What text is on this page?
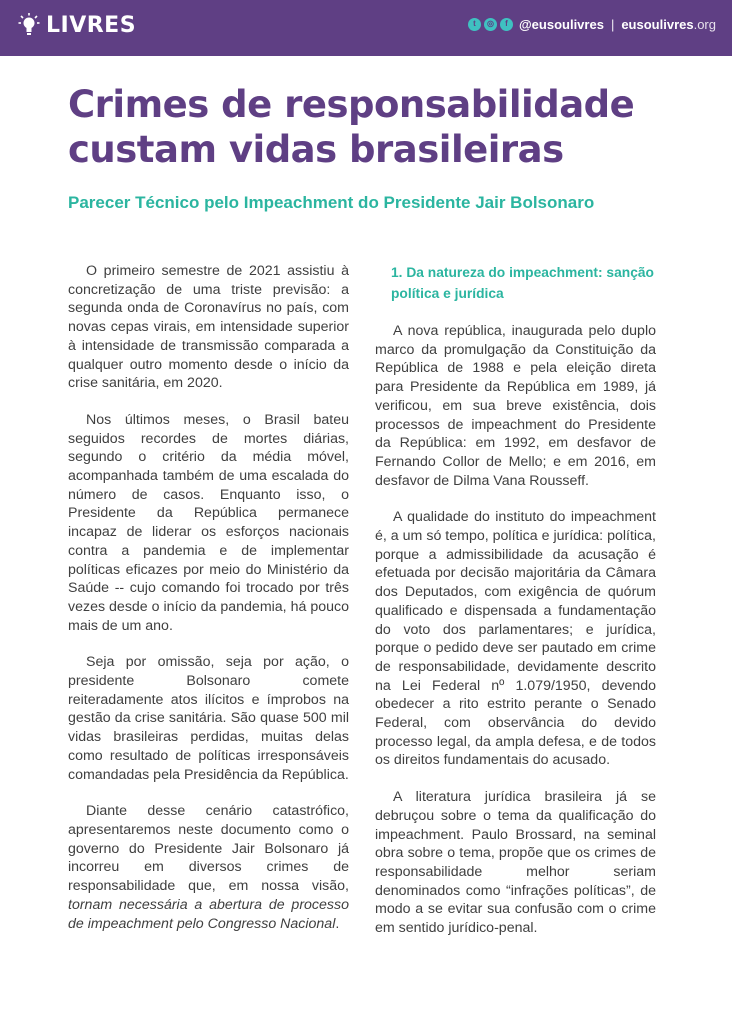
LIVRES	t	◎	f @eusoulivres | eusoulivres.org
Crimes de responsabilidade custam vidas brasileiras
Parecer Técnico pelo Impeachment do Presidente Jair Bolsonaro

O primeiro semestre de 2021 assistiu à concretização de uma triste previsão: a segunda onda de Coronavírus no país, com novas cepas virais, em intensidade superior à intensidade de transmissão comparada a qualquer outro momento desde o início da crise sanitária, em 2020.

Nos últimos meses, o Brasil bateu seguidos recordes de mortes diárias, segundo o critério da média móvel, acompanhada também de uma escalada do número de casos. Enquanto isso, o Presidente da República permanece incapaz de liderar os esforços nacionais contra a pandemia e de implementar políticas eficazes por meio do Ministério da Saúde -- cujo comando foi trocado por três vezes desde o início da pandemia, há pouco mais de um ano.

Seja por omissão, seja por ação, o presidente Bolsonaro comete reiteradamente atos ilícitos e ímprobos na gestão da crise sanitária. São quase 500 mil vidas brasileiras perdidas, muitas delas como resultado de políticas irresponsáveis comandadas pela Presidência da República.

Diante desse cenário catastrófico, apresentaremos neste documento como o governo do Presidente Jair Bolsonaro já incorreu em diversos crimes de responsabilidade que, em nossa visão, tornam necessária a abertura de processo de impeachment pelo Congresso Nacional.

1. Da natureza do impeachment: sanção política e jurídica

A nova república, inaugurada pelo duplo marco da promulgação da Constituição da República de 1988 e pela eleição direta para Presidente da República em 1989, já verificou, em sua breve existência, dois processos de impeachment do Presidente da República: em 1992, em desfavor de Fernando Collor de Mello; e em 2016, em desfavor de Dilma Vana Rousseff.

A qualidade do instituto do impeachment é, a um só tempo, política e jurídica: política, porque a admissibilidade da acusação é efetuada por decisão majoritária da Câmara dos Deputados, com exigência de quórum qualificado e dispensada a fundamentação do voto dos parlamentares; e jurídica, porque o pedido deve ser pautado em crime de responsabilidade, devidamente descrito na Lei Federal nº 1.079/1950, devendo obedecer a rito estrito perante o Senado Federal, com observância do devido processo legal, da ampla defesa, e de todos os direitos fundamentais do acusado.

A literatura jurídica brasileira já se debruçou sobre o tema da qualificação do impeachment. Paulo Brossard, na seminal obra sobre o tema, propõe que os crimes de responsabilidade melhor seriam denominados como “infrações políticas”, de modo a se evitar sua confusão com o crime em sentido jurídico-penal.
